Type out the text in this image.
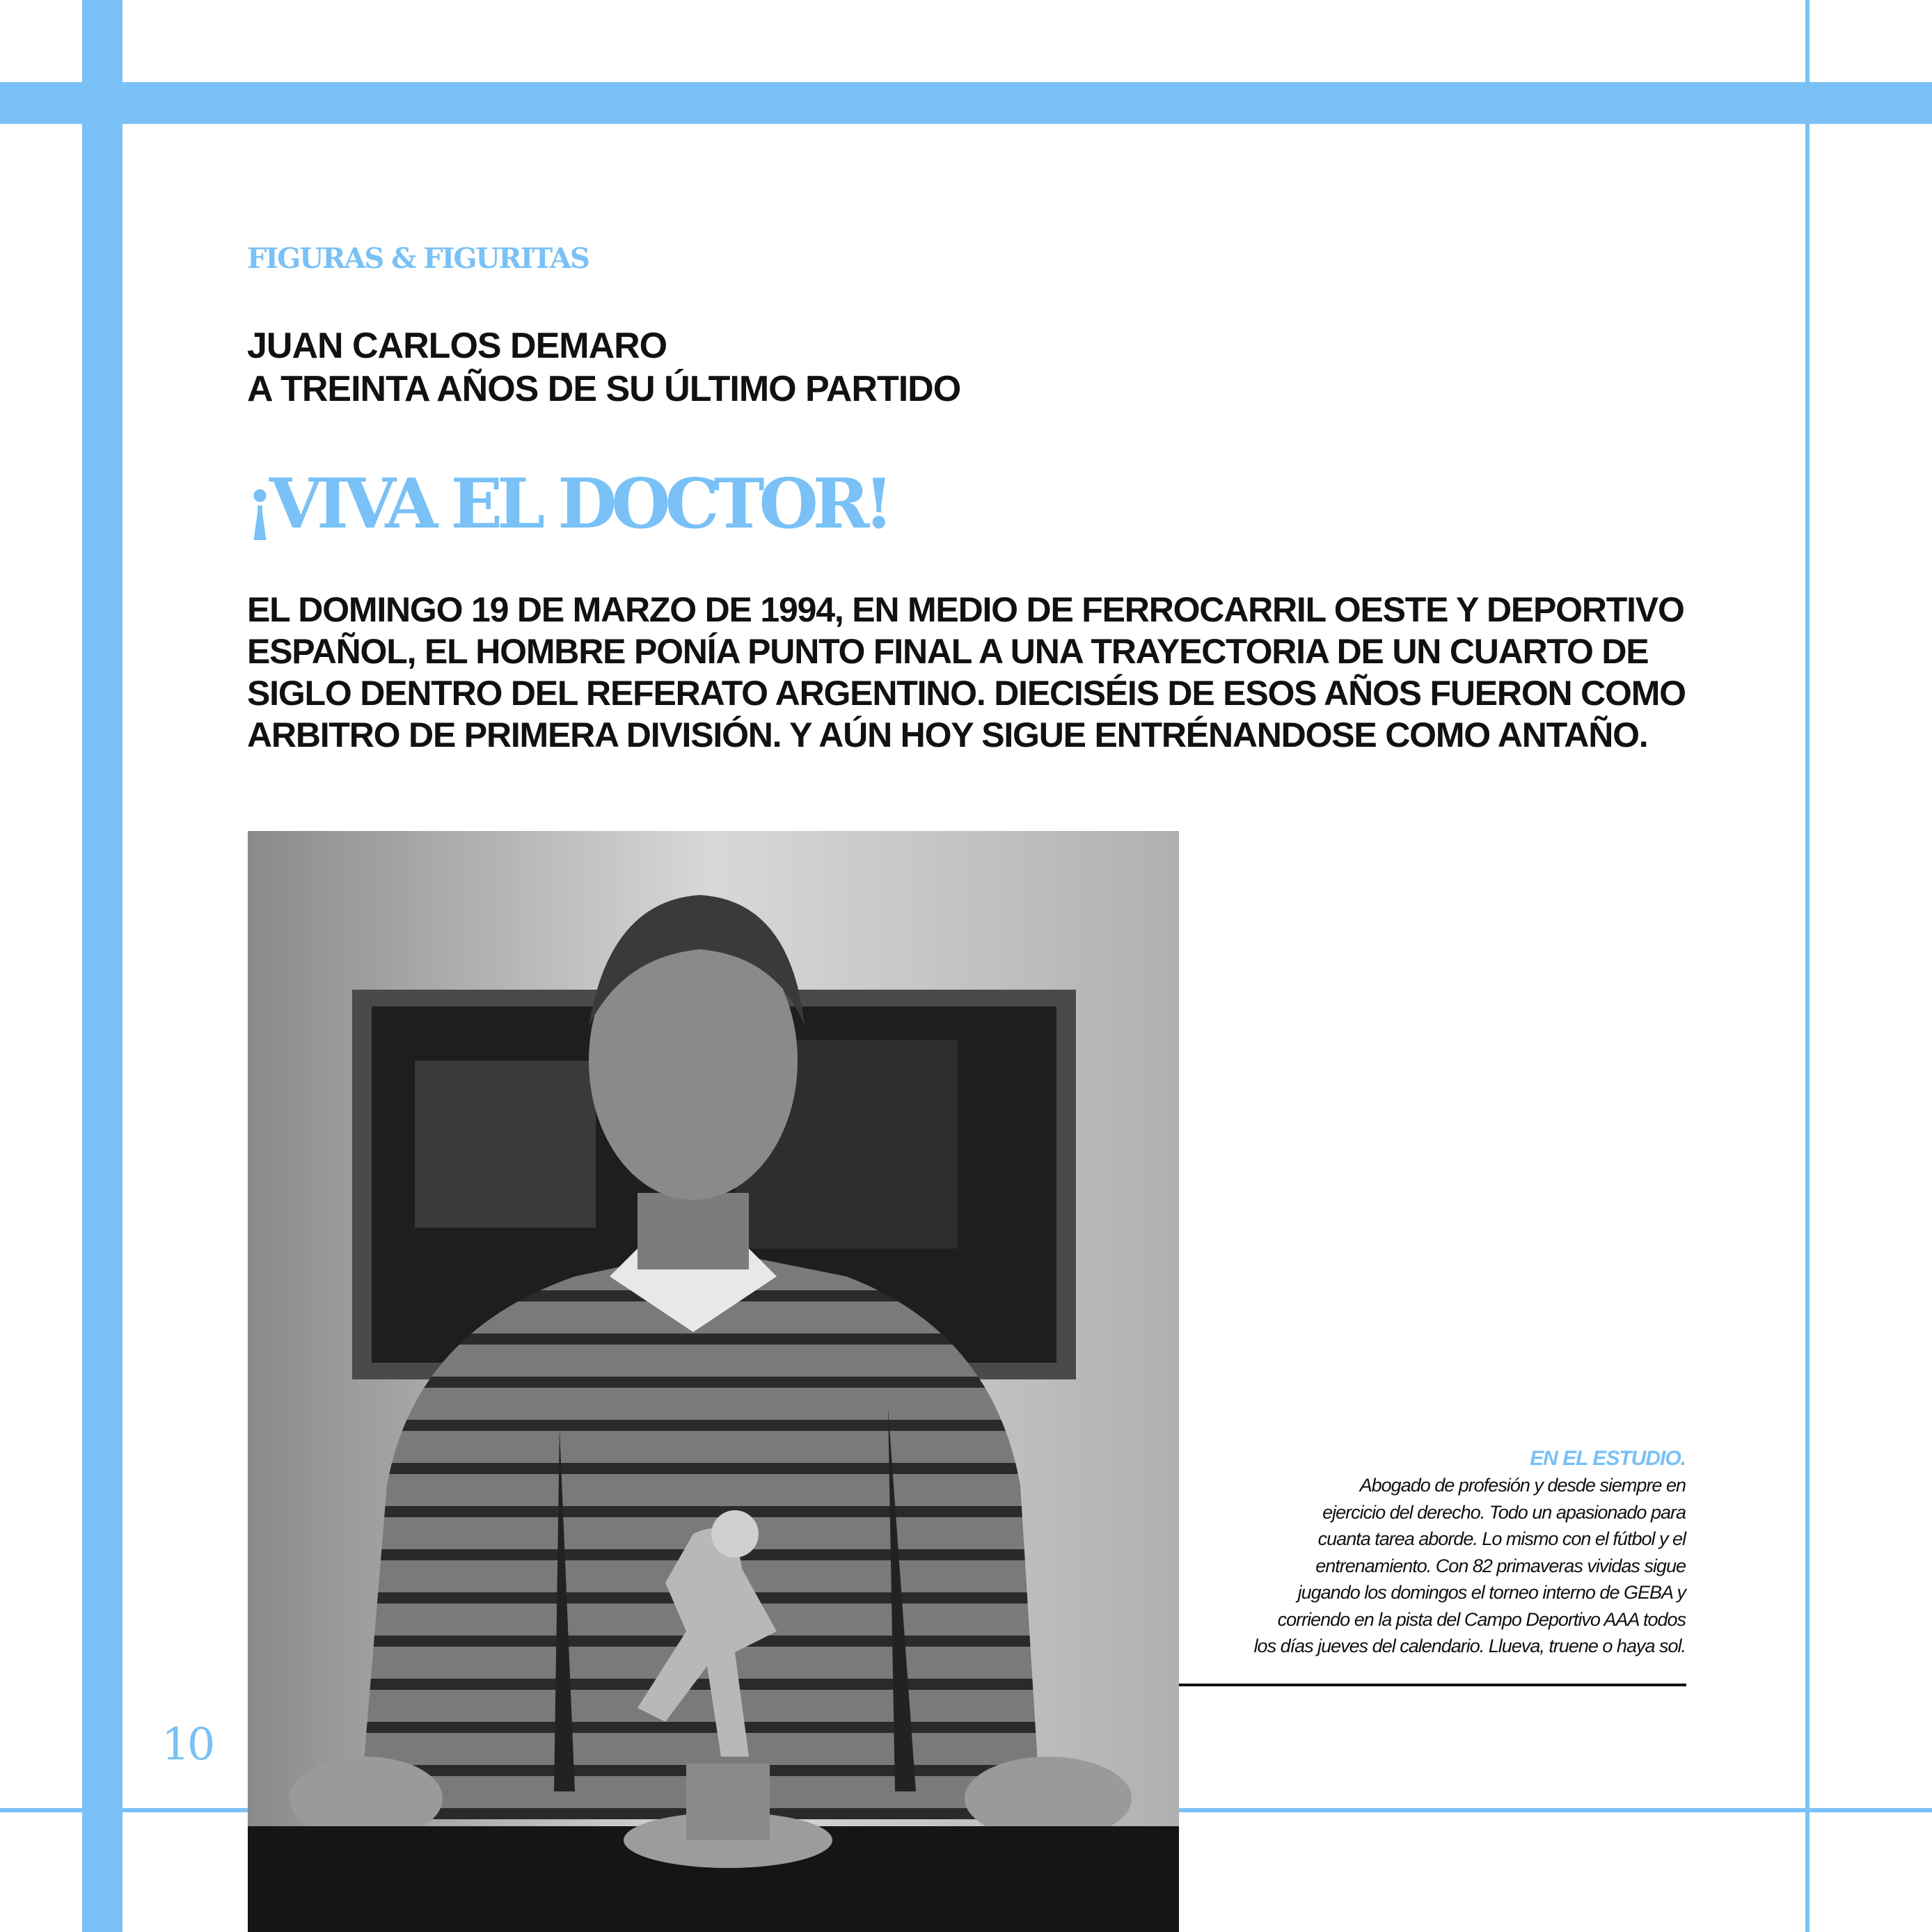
FIGURAS & FIGURITAS
JUAN CARLOS DEMARO
A TREINTA AÑOS DE SU ÚLTIMO PARTIDO
¡VIVA EL DOCTOR!
EL DOMINGO 19 DE MARZO DE 1994, EN MEDIO DE FERROCARRIL OESTE Y DEPORTIVO
ESPAÑOL, EL HOMBRE PONÍA PUNTO FINAL A UNA TRAYECTORIA DE UN CUARTO DE
SIGLO DENTRO DEL REFERATO ARGENTINO. DIECISÉIS DE ESOS AÑOS FUERON COMO
ARBITRO DE PRIMERA DIVISIÓN. Y AÚN HOY SIGUE ENTRÉNANDOSE COMO ANTAÑO.
EN EL ESTUDIO.
Abogado de profesión y desde siempre en
ejercicio del derecho. Todo un apasionado para
cuanta tarea aborde. Lo mismo con el fútbol y el
entrenamiento. Con 82 primaveras vividas sigue
jugando los domingos el torneo interno de GEBA y
corriendo en la pista del Campo Deportivo AAA todos
los días jueves del calendario. Llueva, truene o haya sol.
10
